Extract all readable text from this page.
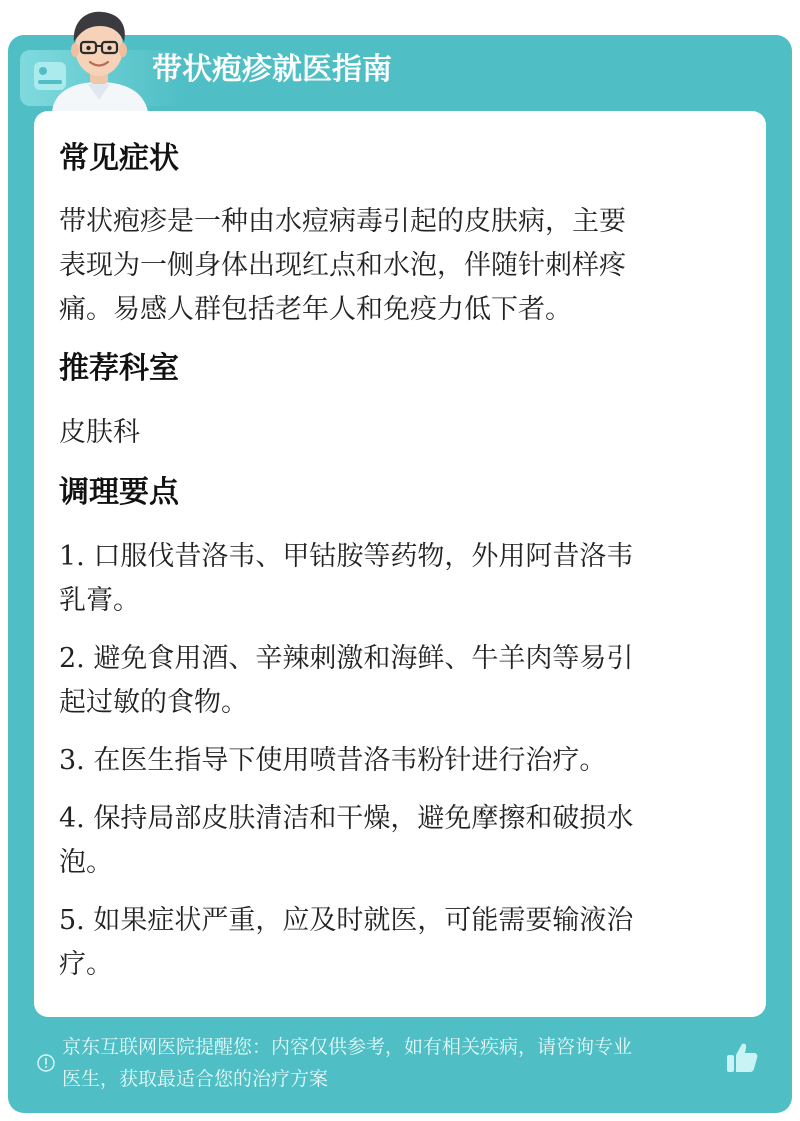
带状疱疹就医指南
常见症状
带状疱疹是一种由水痘病毒引起的皮肤病，主要
表现为一侧身体出现红点和水泡，伴随针刺样疼
痛。易感人群包括老年人和免疫力低下者。
推荐科室
皮肤科
调理要点
1. 口服伐昔洛韦、甲钴胺等药物，外用阿昔洛韦
乳膏。
2. 避免食用酒、辛辣刺激和海鲜、牛羊肉等易引
起过敏的食物。
3. 在医生指导下使用喷昔洛韦粉针进行治疗。
4. 保持局部皮肤清洁和干燥，避免摩擦和破损水
泡。
5. 如果症状严重，应及时就医，可能需要输液治
疗。
京东互联网医院提醒您：内容仅供参考，如有相关疾病，请咨询专业
医生，获取最适合您的治疗方案
